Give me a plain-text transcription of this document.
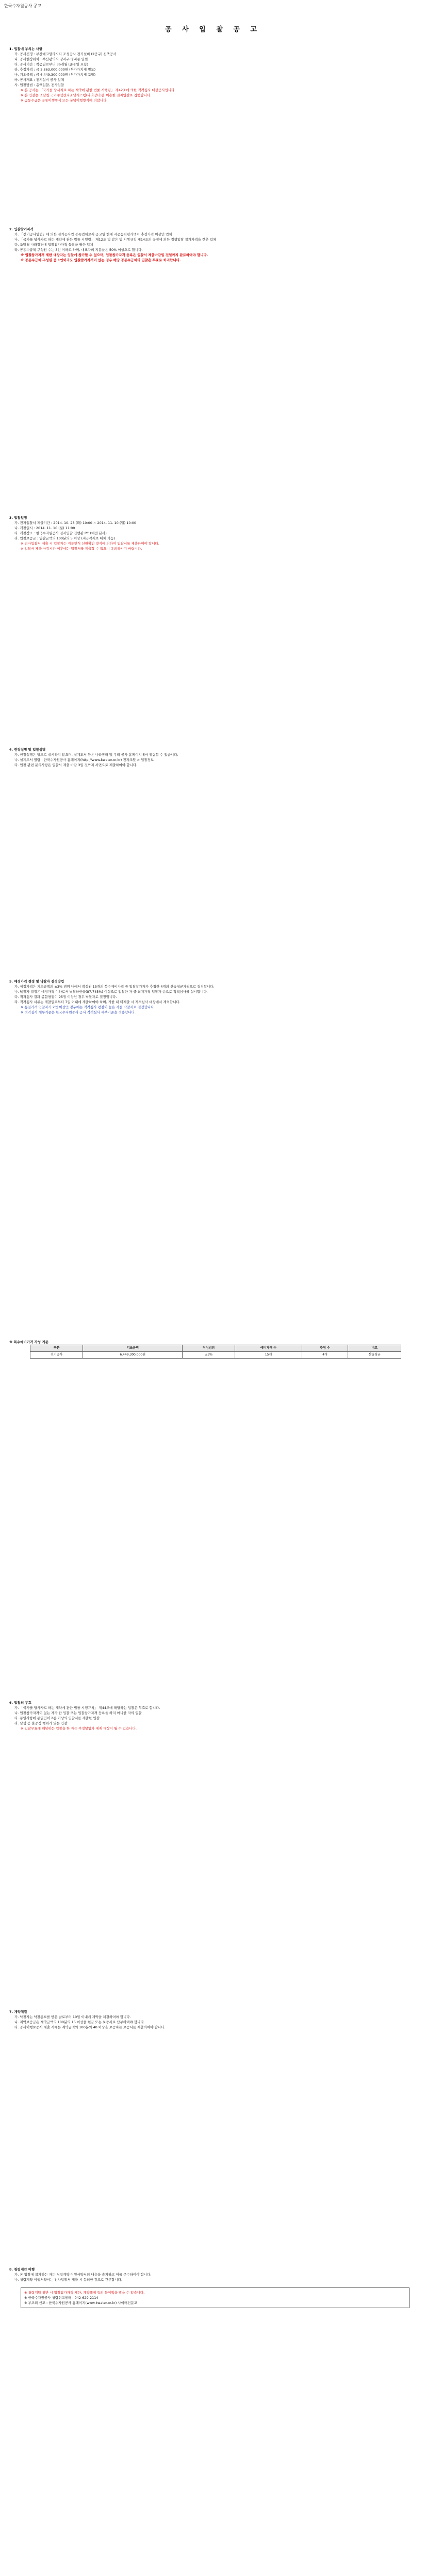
한국수자원공사 공고
공 사 입 찰 공 고
1. 입찰에 부치는 사항
가. 공사건명 : 부산에코델타시티 조성공사 전기설비 (2공구) 신축공사
나. 공사현장위치 : 부산광역시 강서구 명지동 일원
다. 공사기간 : 착공일로부터 36개월 (준공일 포함)
라. 추정가격 : 금 5,863,000,000원 (부가가치세 별도)
마. 기초금액 : 금 6,449,300,000원 (부가가치세 포함)
바. 공사개요 : 전기설비 공사 일체
사. 입찰방법 : 총액입찰, 전자입찰
※ 본 공사는 「국가를 당사자로 하는 계약에 관한 법률 시행령」 제42조에 의한 적격심사 대상공사입니다.
※ 본 입찰은 조달청 국가종합전자조달시스템(나라장터)을 이용한 전자입찰로 집행합니다.
※ 공동수급은 공동이행방식 또는 분담이행방식에 의합니다.
2. 입찰참가자격
가. 「전기공사업법」에 의한 전기공사업 등록업체로서 공고일 현재 시공능력평가액이 추정가격 이상인 업체
나. 「국가를 당사자로 하는 계약에 관한 법률 시행령」 제12조 및 같은 법 시행규칙 제14조의 규정에 의한 경쟁입찰 참가자격을 갖춘 업체
다. 조달청 나라장터에 입찰참가자격 등록을 필한 업체
라. 공동수급체 구성원 수는 3인 이하로 하며, 대표자의 지분율은 50% 이상으로 합니다.
※ 입찰참가자격 제한 대상자는 입찰에 참가할 수 없으며, 입찰참가자격 등록은 입찰서 제출마감일 전일까지 완료하여야 합니다.
※ 공동수급체 구성원 중 1인이라도 입찰참가자격이 없는 경우 해당 공동수급체의 입찰은 무효로 처리합니다.
3. 입찰일정
가. 전자입찰서 제출기간 : 2014. 10. 28.(화) 10:00 ~ 2014. 11. 10.(월) 10:00
나. 개찰일시 : 2014. 11. 10.(월) 11:00
다. 개찰장소 : 한국수자원공사 전자입찰 집행관 PC (대전 본사)
라. 입찰보증금 : 입찰금액의 100분의 5 이상 (지급각서로 대체 가능)
※ 전자입찰서 제출 시 입찰자는 지문인식 신원확인 방식에 의하여 입찰서를 제출하여야 합니다.
※ 입찰서 제출 마감시간 이후에는 입찰서를 제출할 수 없으니 유의하시기 바랍니다.
4. 현장설명 및 입찰설명
가. 현장설명은 별도로 실시하지 않으며, 설계도서 등은 나라장터 및 우리 공사 홈페이지에서 열람할 수 있습니다.
나. 설계도서 열람 : 한국수자원공사 홈페이지(http://www.kwater.or.kr) 전자조달 > 입찰정보
다. 입찰 관련 문의사항은 입찰서 제출 마감 3일 전까지 서면으로 제출하여야 합니다.
5. 예정가격 결정 및 낙찰자 결정방법
가. 예정가격은 기초금액의 ±3% 범위 내에서 작성된 15개의 복수예비가격 중 입찰참가자가 추첨한 4개의 산술평균가격으로 결정합니다.
나. 낙찰자 결정은 예정가격 이하로서 낙찰하한율(87.745%) 이상으로 입찰한 자 중 최저가격 입찰자 순으로 적격심사를 실시합니다.
다. 적격심사 결과 종합평점이 95점 이상인 경우 낙찰자로 결정합니다.
라. 적격심사 서류는 개찰일로부터 7일 이내에 제출하여야 하며, 기한 내 미제출 시 적격심사 대상에서 제외합니다.
※ 동일가격 입찰자가 2인 이상인 경우에는 적격심사 평점이 높은 자를 낙찰자로 결정합니다.
※ 적격심사 세부기준은 한국수자원공사 공사 적격심사 세부기준을 적용합니다.
※ 복수예비가격 작성 기준
구분	기초금액	작성범위	예비가격 수	추첨 수	비고
전기공사	6,449,300,000원	±3%	15개	4개	산술평균
6. 입찰의 무효
가. 「국가를 당사자로 하는 계약에 관한 법률 시행규칙」 제44조에 해당하는 입찰은 무효로 합니다.
나. 입찰참가자격이 없는 자가 한 입찰 또는 입찰참가자격 등록을 하지 아니한 자의 입찰
다. 동일사항에 동일인이 2통 이상의 입찰서를 제출한 입찰
라. 담합 등 불공정 행위가 있는 입찰
※ 입찰무효에 해당하는 입찰을 한 자는 부정당업자 제재 대상이 될 수 있습니다.
7. 계약체결
가. 낙찰자는 낙찰통보를 받은 날로부터 10일 이내에 계약을 체결하여야 합니다.
나. 계약보증금은 계약금액의 100분의 15 이상을 현금 또는 보증서로 납부하여야 합니다.
다. 공사이행보증서 제출 시에는 계약금액의 100분의 40 이상을 보증하는 보증서를 제출하여야 합니다.
8. 청렴계약 이행
가. 본 입찰에 참가하는 자는 청렴계약 이행서약서의 내용을 숙지하고 이를 준수하여야 합니다.
나. 청렴계약 이행서약서는 전자입찰서 제출 시 동의한 것으로 간주합니다.
※ 청렴계약 위반 시 입찰참가자격 제한, 계약해제 등의 불이익을 받을 수 있습니다.
※ 한국수자원공사 청렴신고센터 : 042-629-2114
※ 부조리 신고 : 한국수자원공사 홈페이지(www.kwater.or.kr) 사이버신문고
